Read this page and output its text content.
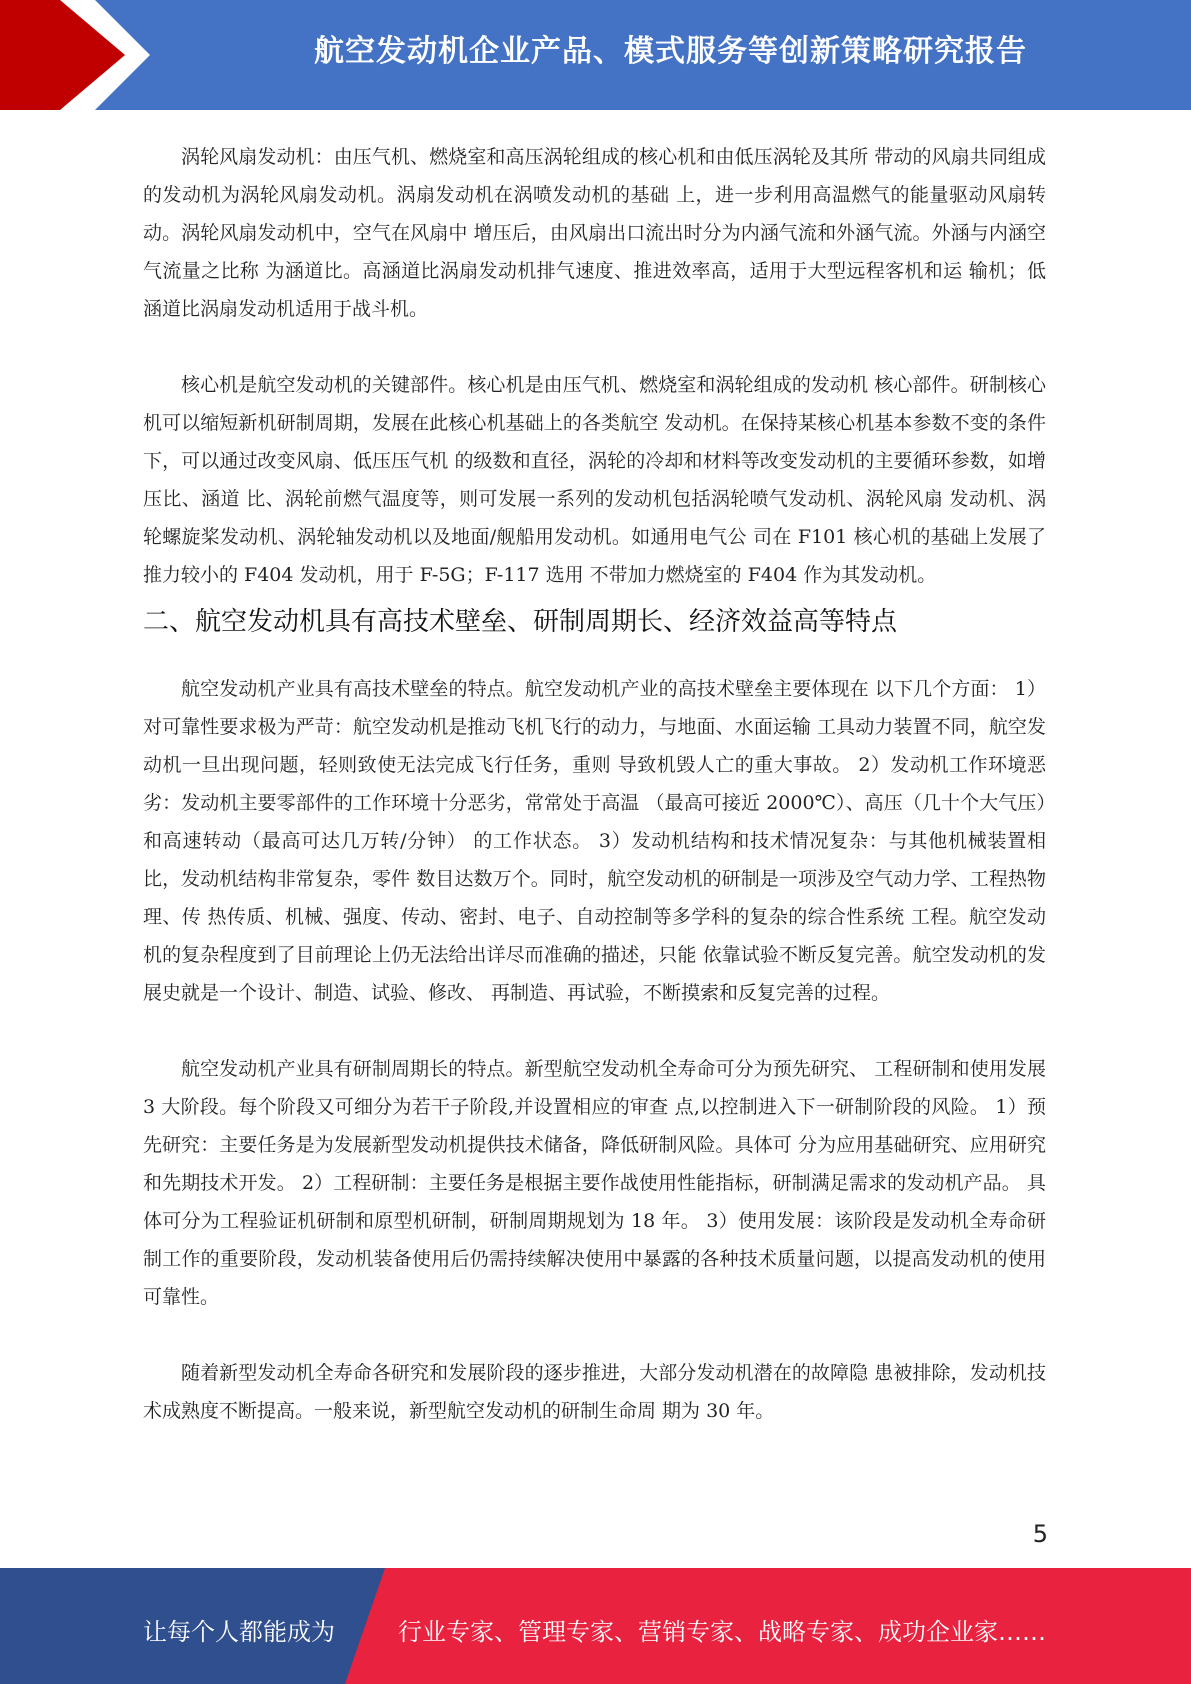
航空发动机企业产品、模式服务等创新策略研究报告

涡轮风扇发动机：由压气机、燃烧室和高压涡轮组成的核心机和由低压涡轮及其所 带动的风扇共同组成的发动机为涡轮风扇发动机。涡扇发动机在涡喷发动机的基础 上，进一步利用高温燃气的能量驱动风扇转动。涡轮风扇发动机中，空气在风扇中 增压后，由风扇出口流出时分为内涵气流和外涵气流。外涵与内涵空气流量之比称 为涵道比。高涵道比涡扇发动机排气速度、推进效率高，适用于大型远程客机和运 输机；低涵道比涡扇发动机适用于战斗机。

核心机是航空发动机的关键部件。核心机是由压气机、燃烧室和涡轮组成的发动机 核心部件。研制核心机可以缩短新机研制周期，发展在此核心机基础上的各类航空 发动机。在保持某核心机基本参数不变的条件下，可以通过改变风扇、低压压气机 的级数和直径，涡轮的冷却和材料等改变发动机的主要循环参数，如增压比、涵道 比、涡轮前燃气温度等，则可发展一系列的发动机包括涡轮喷气发动机、涡轮风扇 发动机、涡轮螺旋桨发动机、涡轮轴发动机以及地面/舰船用发动机。如通用电气公 司在 F101 核心机的基础上发展了推力较小的 F404 发动机，用于 F-5G；F-117 选用 不带加力燃烧室的 F404 作为其发动机。

二、航空发动机具有高技术壁垒、研制周期长、经济效益高等特点

航空发动机产业具有高技术壁垒的特点。航空发动机产业的高技术壁垒主要体现在 以下几个方面： 1）对可靠性要求极为严苛：航空发动机是推动飞机飞行的动力，与地面、水面运输 工具动力装置不同，航空发动机一旦出现问题，轻则致使无法完成飞行任务，重则 导致机毁人亡的重大事故。 2）发动机工作环境恶劣：发动机主要零部件的工作环境十分恶劣，常常处于高温 （最高可接近 2000℃）、高压（几十个大气压）和高速转动（最高可达几万转/分钟） 的工作状态。 3）发动机结构和技术情况复杂：与其他机械装置相比，发动机结构非常复杂，零件 数目达数万个。同时，航空发动机的研制是一项涉及空气动力学、工程热物理、传 热传质、机械、强度、传动、密封、电子、自动控制等多学科的复杂的综合性系统 工程。航空发动机的复杂程度到了目前理论上仍无法给出详尽而准确的描述，只能 依靠试验不断反复完善。航空发动机的发展史就是一个设计、制造、试验、修改、 再制造、再试验，不断摸索和反复完善的过程。

航空发动机产业具有研制周期长的特点。新型航空发动机全寿命可分为预先研究、 工程研制和使用发展 3 大阶段。每个阶段又可细分为若干子阶段,并设置相应的审查 点,以控制进入下一研制阶段的风险。 1）预先研究：主要任务是为发展新型发动机提供技术储备，降低研制风险。具体可 分为应用基础研究、应用研究和先期技术开发。 2）工程研制：主要任务是根据主要作战使用性能指标，研制满足需求的发动机产品。 具体可分为工程验证机研制和原型机研制，研制周期规划为 18 年。 3）使用发展：该阶段是发动机全寿命研制工作的重要阶段，发动机装备使用后仍需持续解决使用中暴露的各种技术质量问题，以提高发动机的使用可靠性。

随着新型发动机全寿命各研究和发展阶段的逐步推进，大部分发动机潜在的故障隐 患被排除，发动机技术成熟度不断提高。一般来说，新型航空发动机的研制生命周 期为 30 年。

5
让每个人都能成为	行业专家、管理专家、营销专家、战略专家、成功企业家……
